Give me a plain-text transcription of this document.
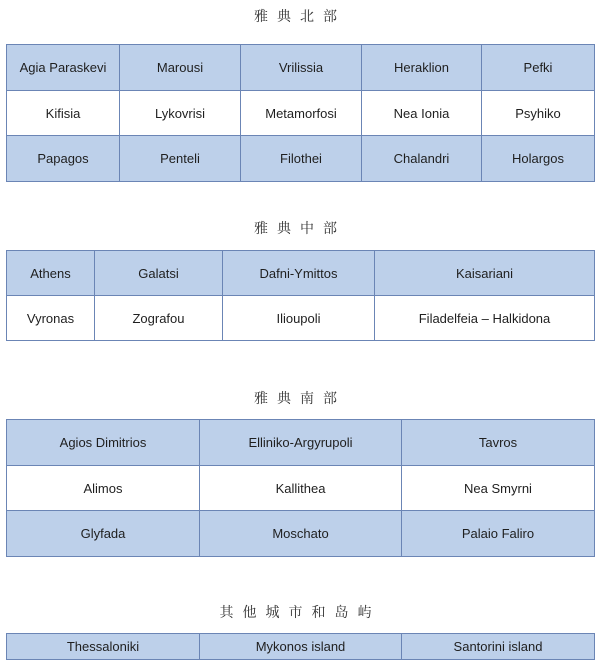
雅典北部
Agia Paraskevi	Marousi	Vrilissia	Heraklion	Pefki
Kifisia	Lykovrisi	Metamorfosi	Nea Ionia	Psyhiko
Papagos	Penteli	Filothei	Chalandri	Holargos
雅典中部
Athens	Galatsi	Dafni-Ymittos	Kaisariani
Vyronas	Zografou	Ilioupoli	Filadelfeia – Halkidona
雅典南部
Agios Dimitrios	Elliniko-Argyrupoli	Tavros
Alimos	Kallithea	Nea Smyrni
Glyfada	Moschato	Palaio Faliro
其他城市和岛屿
Thessaloniki	Mykonos island	Santorini island
